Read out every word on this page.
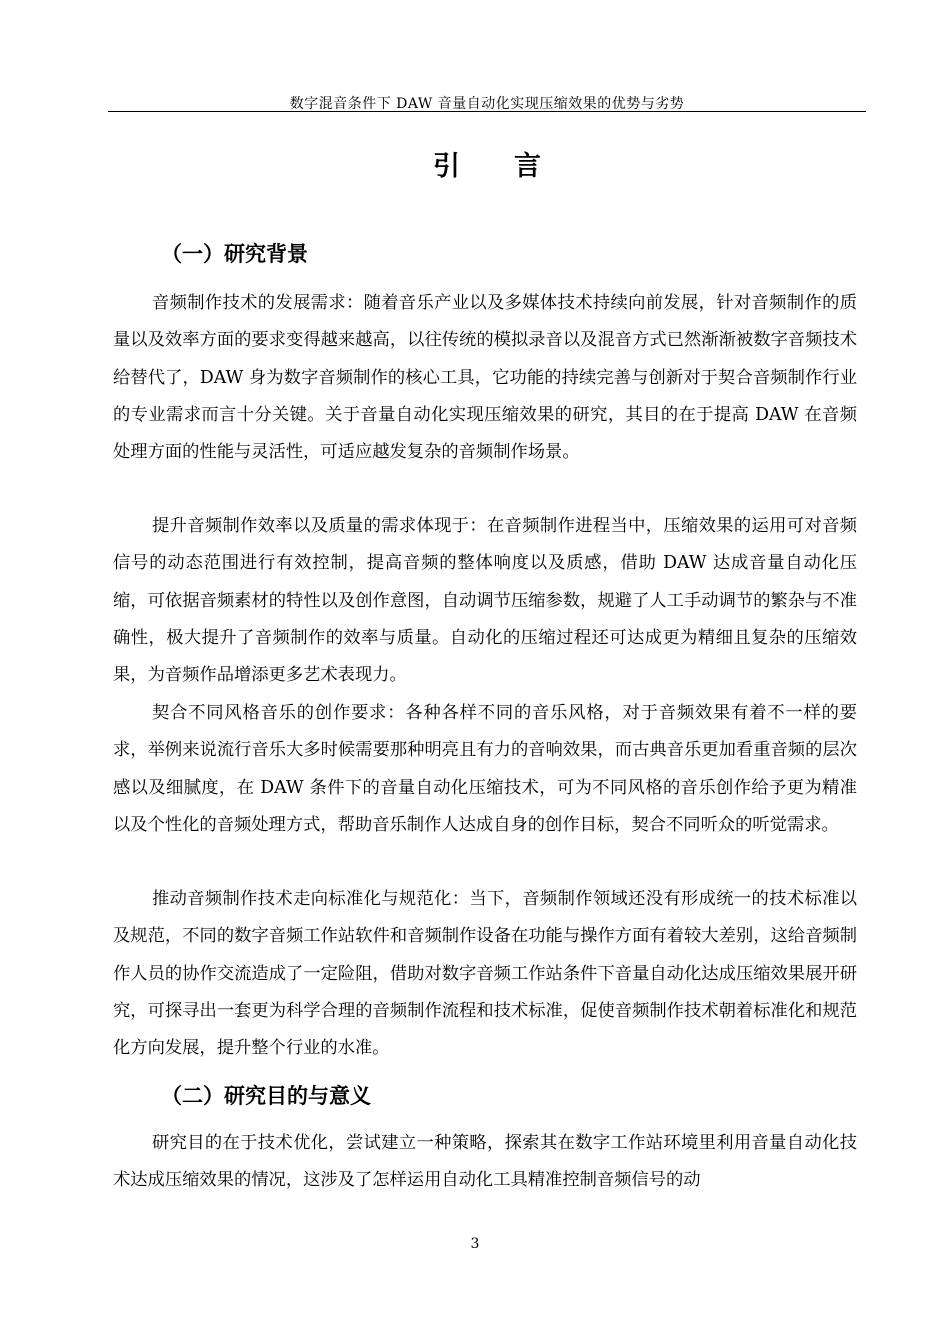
数字混音条件下 DAW 音量自动化实现压缩效果的优势与劣势
引言
（一）研究背景

音频制作技术的发展需求：随着音乐产业以及多媒体技术持续向前发展，针对音频制作的质量以及效率方面的要求变得越来越高，以往传统的模拟录音以及混音方式已然渐渐被数字音频技术给替代了，DAW 身为数字音频制作的核心工具，它功能的持续完善与创新对于契合音频制作行业的专业需求而言十分关键。关于音量自动化实现压缩效果的研究，其目的在于提高 DAW 在音频处理方面的性能与灵活性，可适应越发复杂的音频制作场景。

提升音频制作效率以及质量的需求体现于：在音频制作进程当中，压缩效果的运用可对音频信号的动态范围进行有效控制，提高音频的整体响度以及质感，借助 DAW 达成音量自动化压缩，可依据音频素材的特性以及创作意图，自动调节压缩参数，规避了人工手动调节的繁杂与不准确性，极大提升了音频制作的效率与质量。自动化的压缩过程还可达成更为精细且复杂的压缩效果，为音频作品增添更多艺术表现力。

契合不同风格音乐的创作要求：各种各样不同的音乐风格，对于音频效果有着不一样的要求，举例来说流行音乐大多时候需要那种明亮且有力的音响效果，而古典音乐更加看重音频的层次感以及细腻度，在 DAW 条件下的音量自动化压缩技术，可为不同风格的音乐创作给予更为精准以及个性化的音频处理方式，帮助音乐制作人达成自身的创作目标，契合不同听众的听觉需求。

推动音频制作技术走向标准化与规范化：当下，音频制作领域还没有形成统一的技术标准以及规范，不同的数字音频工作站软件和音频制作设备在功能与操作方面有着较大差别，这给音频制作人员的协作交流造成了一定险阻，借助对数字音频工作站条件下音量自动化达成压缩效果展开研究，可探寻出一套更为科学合理的音频制作流程和技术标准，促使音频制作技术朝着标准化和规范化方向发展，提升整个行业的水准。

（二）研究目的与意义

研究目的在于技术优化，尝试建立一种策略，探索其在数字工作站环境里利用音量自动化技术达成压缩效果的情况，这涉及了怎样运用自动化工具精准控制音频信号的动

3
